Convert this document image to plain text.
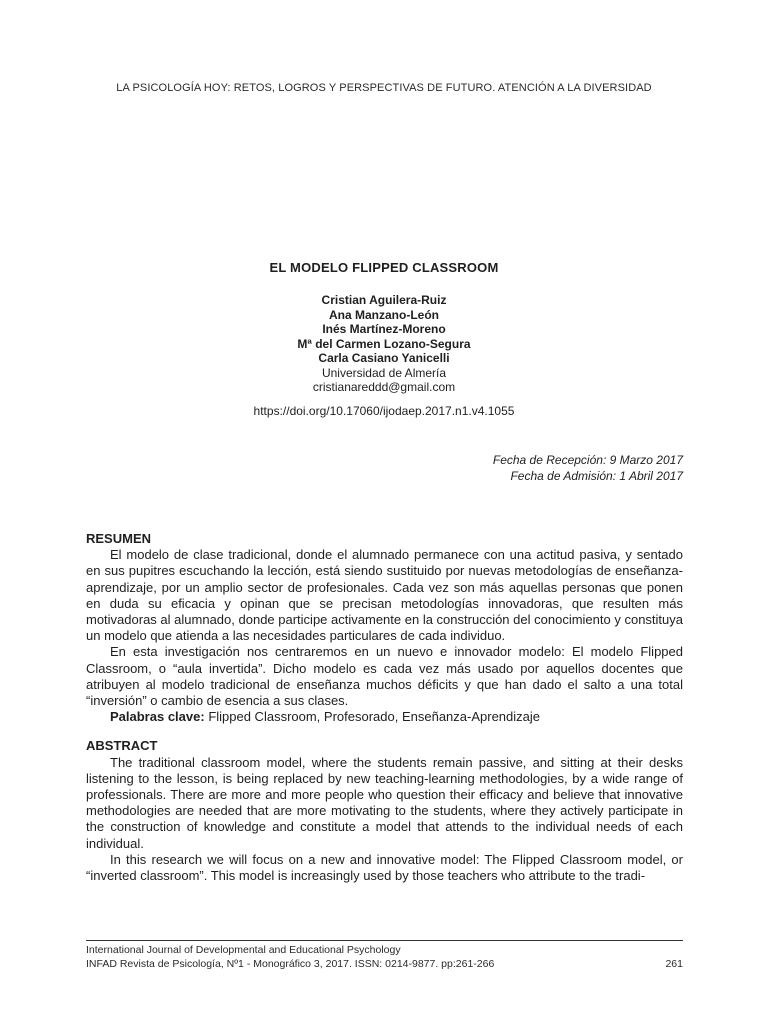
LA PSICOLOGÍA HOY: RETOS, LOGROS Y PERSPECTIVAS DE FUTURO. ATENCIÓN A LA DIVERSIDAD
EL MODELO FLIPPED CLASSROOM
Cristian Aguilera-Ruiz
Ana Manzano-León
Inés Martínez-Moreno
Mª del Carmen Lozano-Segura
Carla Casiano Yanicelli
Universidad de Almería
cristianareddd@gmail.com
https://doi.org/10.17060/ijodaep.2017.n1.v4.1055
Fecha de Recepción: 9 Marzo 2017
Fecha de Admisión: 1 Abril 2017
RESUMEN

El modelo de clase tradicional, donde el alumnado permanece con una actitud pasiva, y sentado en sus pupitres escuchando la lección, está siendo sustituido por nuevas metodologías de enseñanza-aprendizaje, por un amplio sector de profesionales. Cada vez son más aquellas personas que ponen en duda su eficacia y opinan que se precisan metodologías innovadoras, que resulten más motivadoras al alumnado, donde participe activamente en la construcción del conocimiento y constituya un modelo que atienda a las necesidades particulares de cada individuo.

En esta investigación nos centraremos en un nuevo e innovador modelo: El modelo Flipped Classroom, o “aula invertida”. Dicho modelo es cada vez más usado por aquellos docentes que atribuyen al modelo tradicional de enseñanza muchos déficits y que han dado el salto a una total “inversión” o cambio de esencia a sus clases.

Palabras clave: Flipped Classroom, Profesorado, Enseñanza-Aprendizaje

ABSTRACT

The traditional classroom model, where the students remain passive, and sitting at their desks listening to the lesson, is being replaced by new teaching-learning methodologies, by a wide range of professionals. There are more and more people who question their efficacy and believe that innovative methodologies are needed that are more motivating to the students, where they actively participate in the construction of knowledge and constitute a model that attends to the individual needs of each individual.

In this research we will focus on a new and innovative model: The Flipped Classroom model, or “inverted classroom”. This model is increasingly used by those teachers who attribute to the tradi-

International Journal of Developmental and Educational Psychology
INFAD Revista de Psicología, Nº1 - Monográfico 3, 2017. ISSN: 0214-9877. pp:261-266	261
